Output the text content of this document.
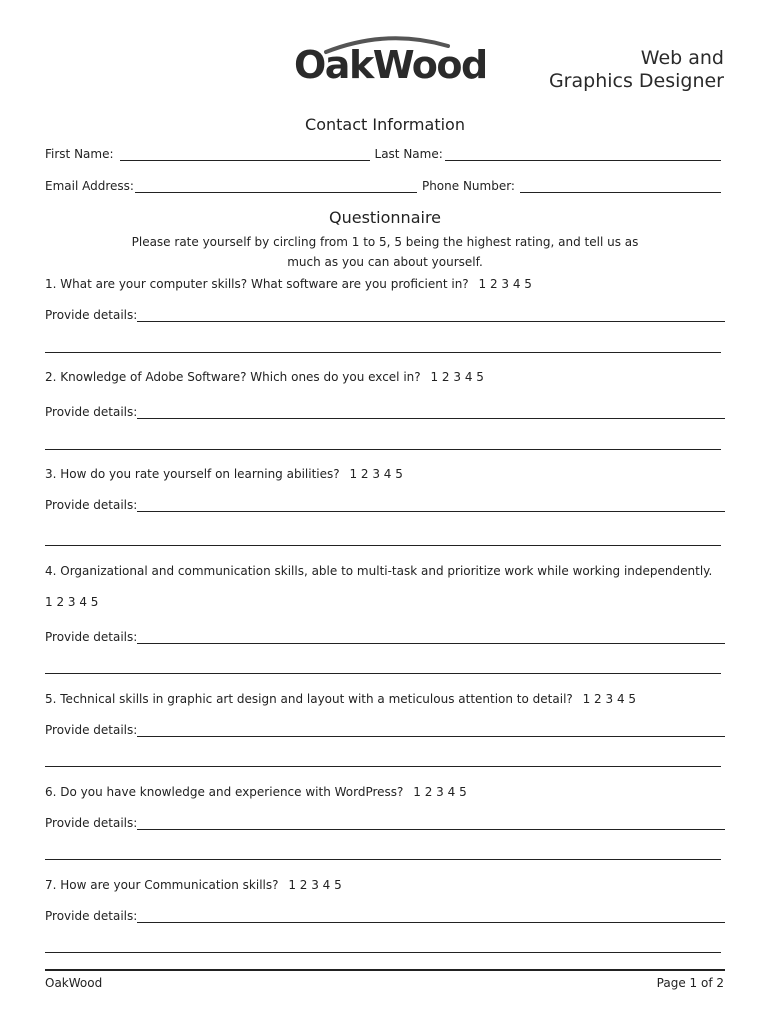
OakWood	Web and
Graphics Designer
Contact Information
First Name:	Last Name:
Email Address:	Phone Number:
Questionnaire
Please rate yourself by circling from 1 to 5, 5 being the highest rating, and tell us as
much as you can about yourself.
1. What are your computer skills? What software are you proficient in? 1 2 3 4 5
Provide details:
2. Knowledge of Adobe Software? Which ones do you excel in? 1 2 3 4 5
Provide details:
3. How do you rate yourself on learning abilities? 1 2 3 4 5
Provide details:
4. Organizational and communication skills, able to multi-task and prioritize work while working independently.
1 2 3 4 5
Provide details:
5. Technical skills in graphic art design and layout with a meticulous attention to detail? 1 2 3 4 5
Provide details:
6. Do you have knowledge and experience with WordPress? 1 2 3 4 5
Provide details:
7. How are your Communication skills? 1 2 3 4 5
Provide details:
OakWood	Page 1 of 2
